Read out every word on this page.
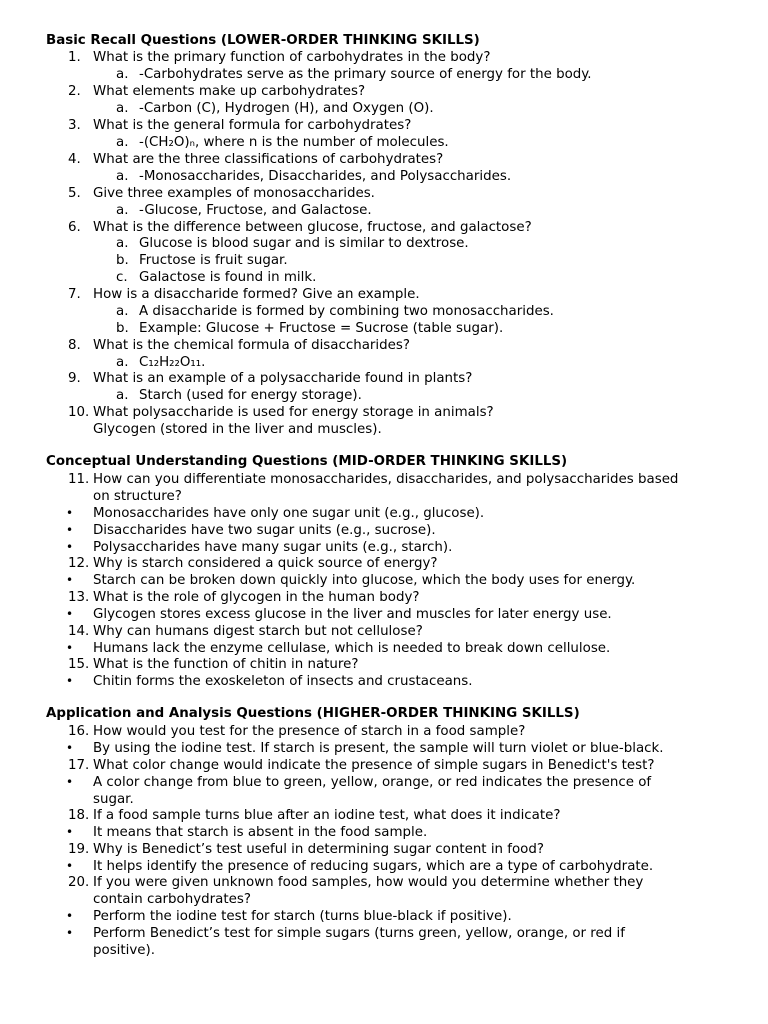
Basic Recall Questions (LOWER-ORDER THINKING SKILLS)
1. What is the primary function of carbohydrates in the body?
a. -Carbohydrates serve as the primary source of energy for the body.
2. What elements make up carbohydrates?
a. -Carbon (C), Hydrogen (H), and Oxygen (O).
3. What is the general formula for carbohydrates?
a. -(CH₂O)ₙ, where n is the number of molecules.
4. What are the three classifications of carbohydrates?
a. -Monosaccharides, Disaccharides, and Polysaccharides.
5. Give three examples of monosaccharides.
a. -Glucose, Fructose, and Galactose.
6. What is the difference between glucose, fructose, and galactose?
a. Glucose is blood sugar and is similar to dextrose.
b. Fructose is fruit sugar.
c. Galactose is found in milk.
7. How is a disaccharide formed? Give an example.
a. A disaccharide is formed by combining two monosaccharides.
b. Example: Glucose + Fructose = Sucrose (table sugar).
8. What is the chemical formula of disaccharides?
a. C₁₂H₂₂O₁₁.
9. What is an example of a polysaccharide found in plants?
a. Starch (used for energy storage).
10. What polysaccharide is used for energy storage in animals?
Glycogen (stored in the liver and muscles).
Conceptual Understanding Questions (MID-ORDER THINKING SKILLS)
11. How can you differentiate monosaccharides, disaccharides, and polysaccharides based
on structure?
• Monosaccharides have only one sugar unit (e.g., glucose).
• Disaccharides have two sugar units (e.g., sucrose).
• Polysaccharides have many sugar units (e.g., starch).
12. Why is starch considered a quick source of energy?
• Starch can be broken down quickly into glucose, which the body uses for energy.
13. What is the role of glycogen in the human body?
• Glycogen stores excess glucose in the liver and muscles for later energy use.
14. Why can humans digest starch but not cellulose?
• Humans lack the enzyme cellulase, which is needed to break down cellulose.
15. What is the function of chitin in nature?
• Chitin forms the exoskeleton of insects and crustaceans.
Application and Analysis Questions (HIGHER-ORDER THINKING SKILLS)
16. How would you test for the presence of starch in a food sample?
• By using the iodine test. If starch is present, the sample will turn violet or blue-black.
17. What color change would indicate the presence of simple sugars in Benedict's test?
• A color change from blue to green, yellow, orange, or red indicates the presence of
sugar.
18. If a food sample turns blue after an iodine test, what does it indicate?
• It means that starch is absent in the food sample.
19. Why is Benedict’s test useful in determining sugar content in food?
• It helps identify the presence of reducing sugars, which are a type of carbohydrate.
20. If you were given unknown food samples, how would you determine whether they
contain carbohydrates?
• Perform the iodine test for starch (turns blue-black if positive).
• Perform Benedict’s test for simple sugars (turns green, yellow, orange, or red if
positive).
